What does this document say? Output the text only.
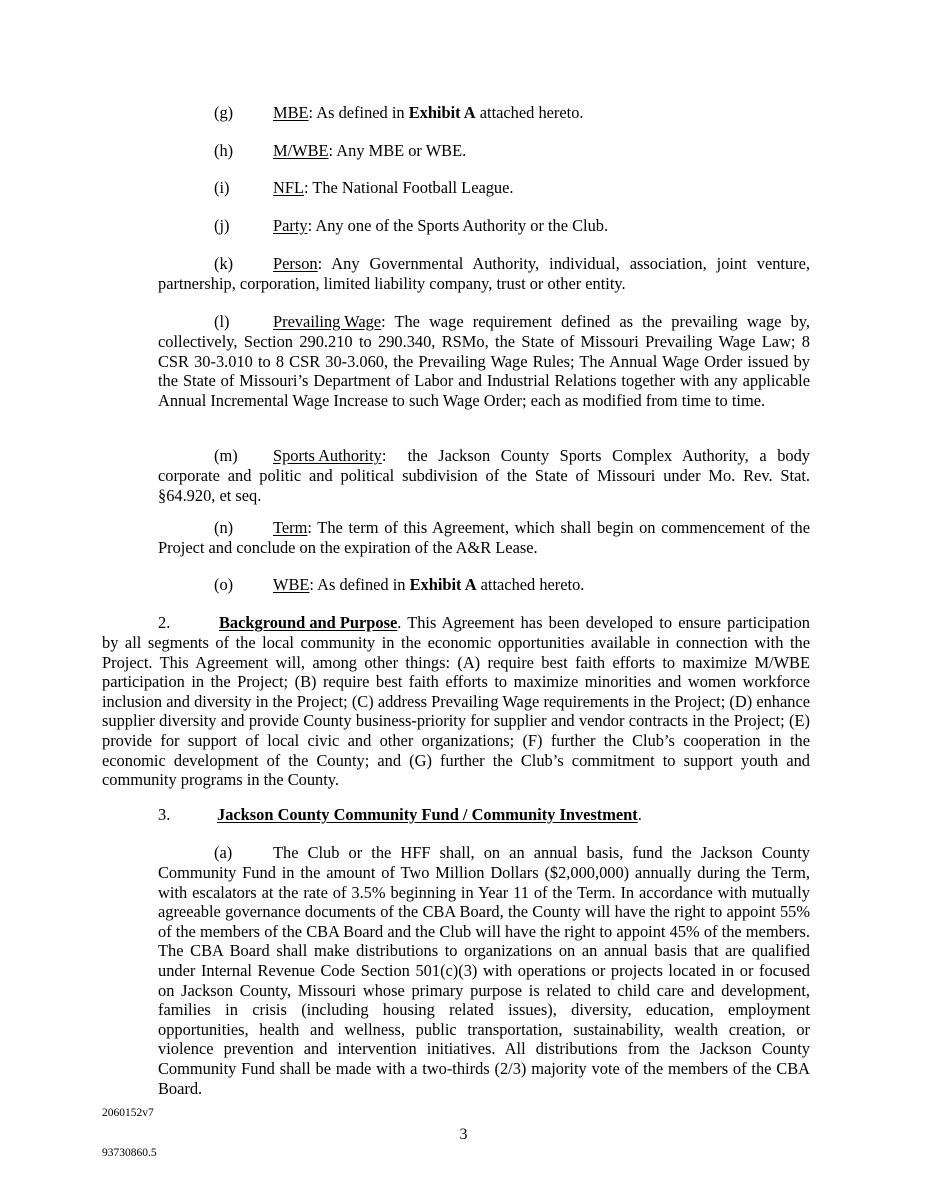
(g) MBE: As defined in Exhibit A attached hereto.
(h) M/WBE: Any MBE or WBE.
(i)	NFL: The National Football League.
(j)	Party: Any one of the Sports Authority or the Club.
(k) Person : Any Governmental Authority, individual, association, joint venture,
partnership, corporation, limited liability company, trust or other entity.
(l)	Prevailing Wage : The wage requirement defined as the prevailing wage by,
collectively, Section 290.210 to 290.340, RSMo, the State of Missouri Prevailing Wage Law; 8 CSR 30-3.010 to 8 CSR 30-3.060, the Prevailing Wage Rules; The Annual Wage Order issued by the State of Missouri’s Department of Labor and Industrial Relations together with any applicable Annual Incremental Wage Increase to such Wage Order; each as modified from time to time.
(m) Sports Authority :  the Jackson County Sports Complex Authority, a body
corporate and politic and political subdivision of the State of Missouri under Mo. Rev. Stat. §64.920, et seq.
(n) Term : The term of this Agreement, which shall begin on commencement of the
Project and conclude on the expiration of the A&R Lease.
(o) WBE: As defined in Exhibit A attached hereto.
2.	Background and Purpose . This Agreement has been developed to ensure participation
by all segments of the local community in the economic opportunities available in connection with the Project. This Agreement will, among other things: (A) require best faith efforts to maximize M/WBE participation in the Project; (B) require best faith efforts to maximize minorities and women workforce inclusion and diversity in the Project; (C) address Prevailing Wage requirements in the Project; (D) enhance supplier diversity and provide County business-priority for supplier and vendor contracts in the Project; (E) provide for support of local civic and other organizations; (F) further the Club’s cooperation in the economic development of the County; and (G) further the Club’s commitment to support youth and community programs in the County.
3.	Jackson County Community Fund / Community Investment.
(a) The Club or the HFF shall, on an annual basis, fund the Jackson County
Community Fund in the amount of Two Million Dollars ($2,000,000) annually during the Term, with escalators at the rate of 3.5% beginning in Year 11 of the Term. In accordance with mutually agreeable governance documents of the CBA Board, the County will have the right to appoint 55% of the members of the CBA Board and the Club will have the right to appoint 45% of the members. The CBA Board shall make distributions to organizations on an annual basis that are qualified under Internal Revenue Code Section 501(c)(3) with operations or projects located in or focused on Jackson County, Missouri whose primary purpose is related to child care and development, families in crisis (including housing related issues), diversity, education, employment opportunities, health and wellness, public transportation, sustainability, wealth creation, or violence prevention and intervention initiatives. All distributions from the Jackson County Community Fund shall be made with a two-thirds (2/3) majority vote of the members of the CBA Board.
2060152v7
3
93730860.5
